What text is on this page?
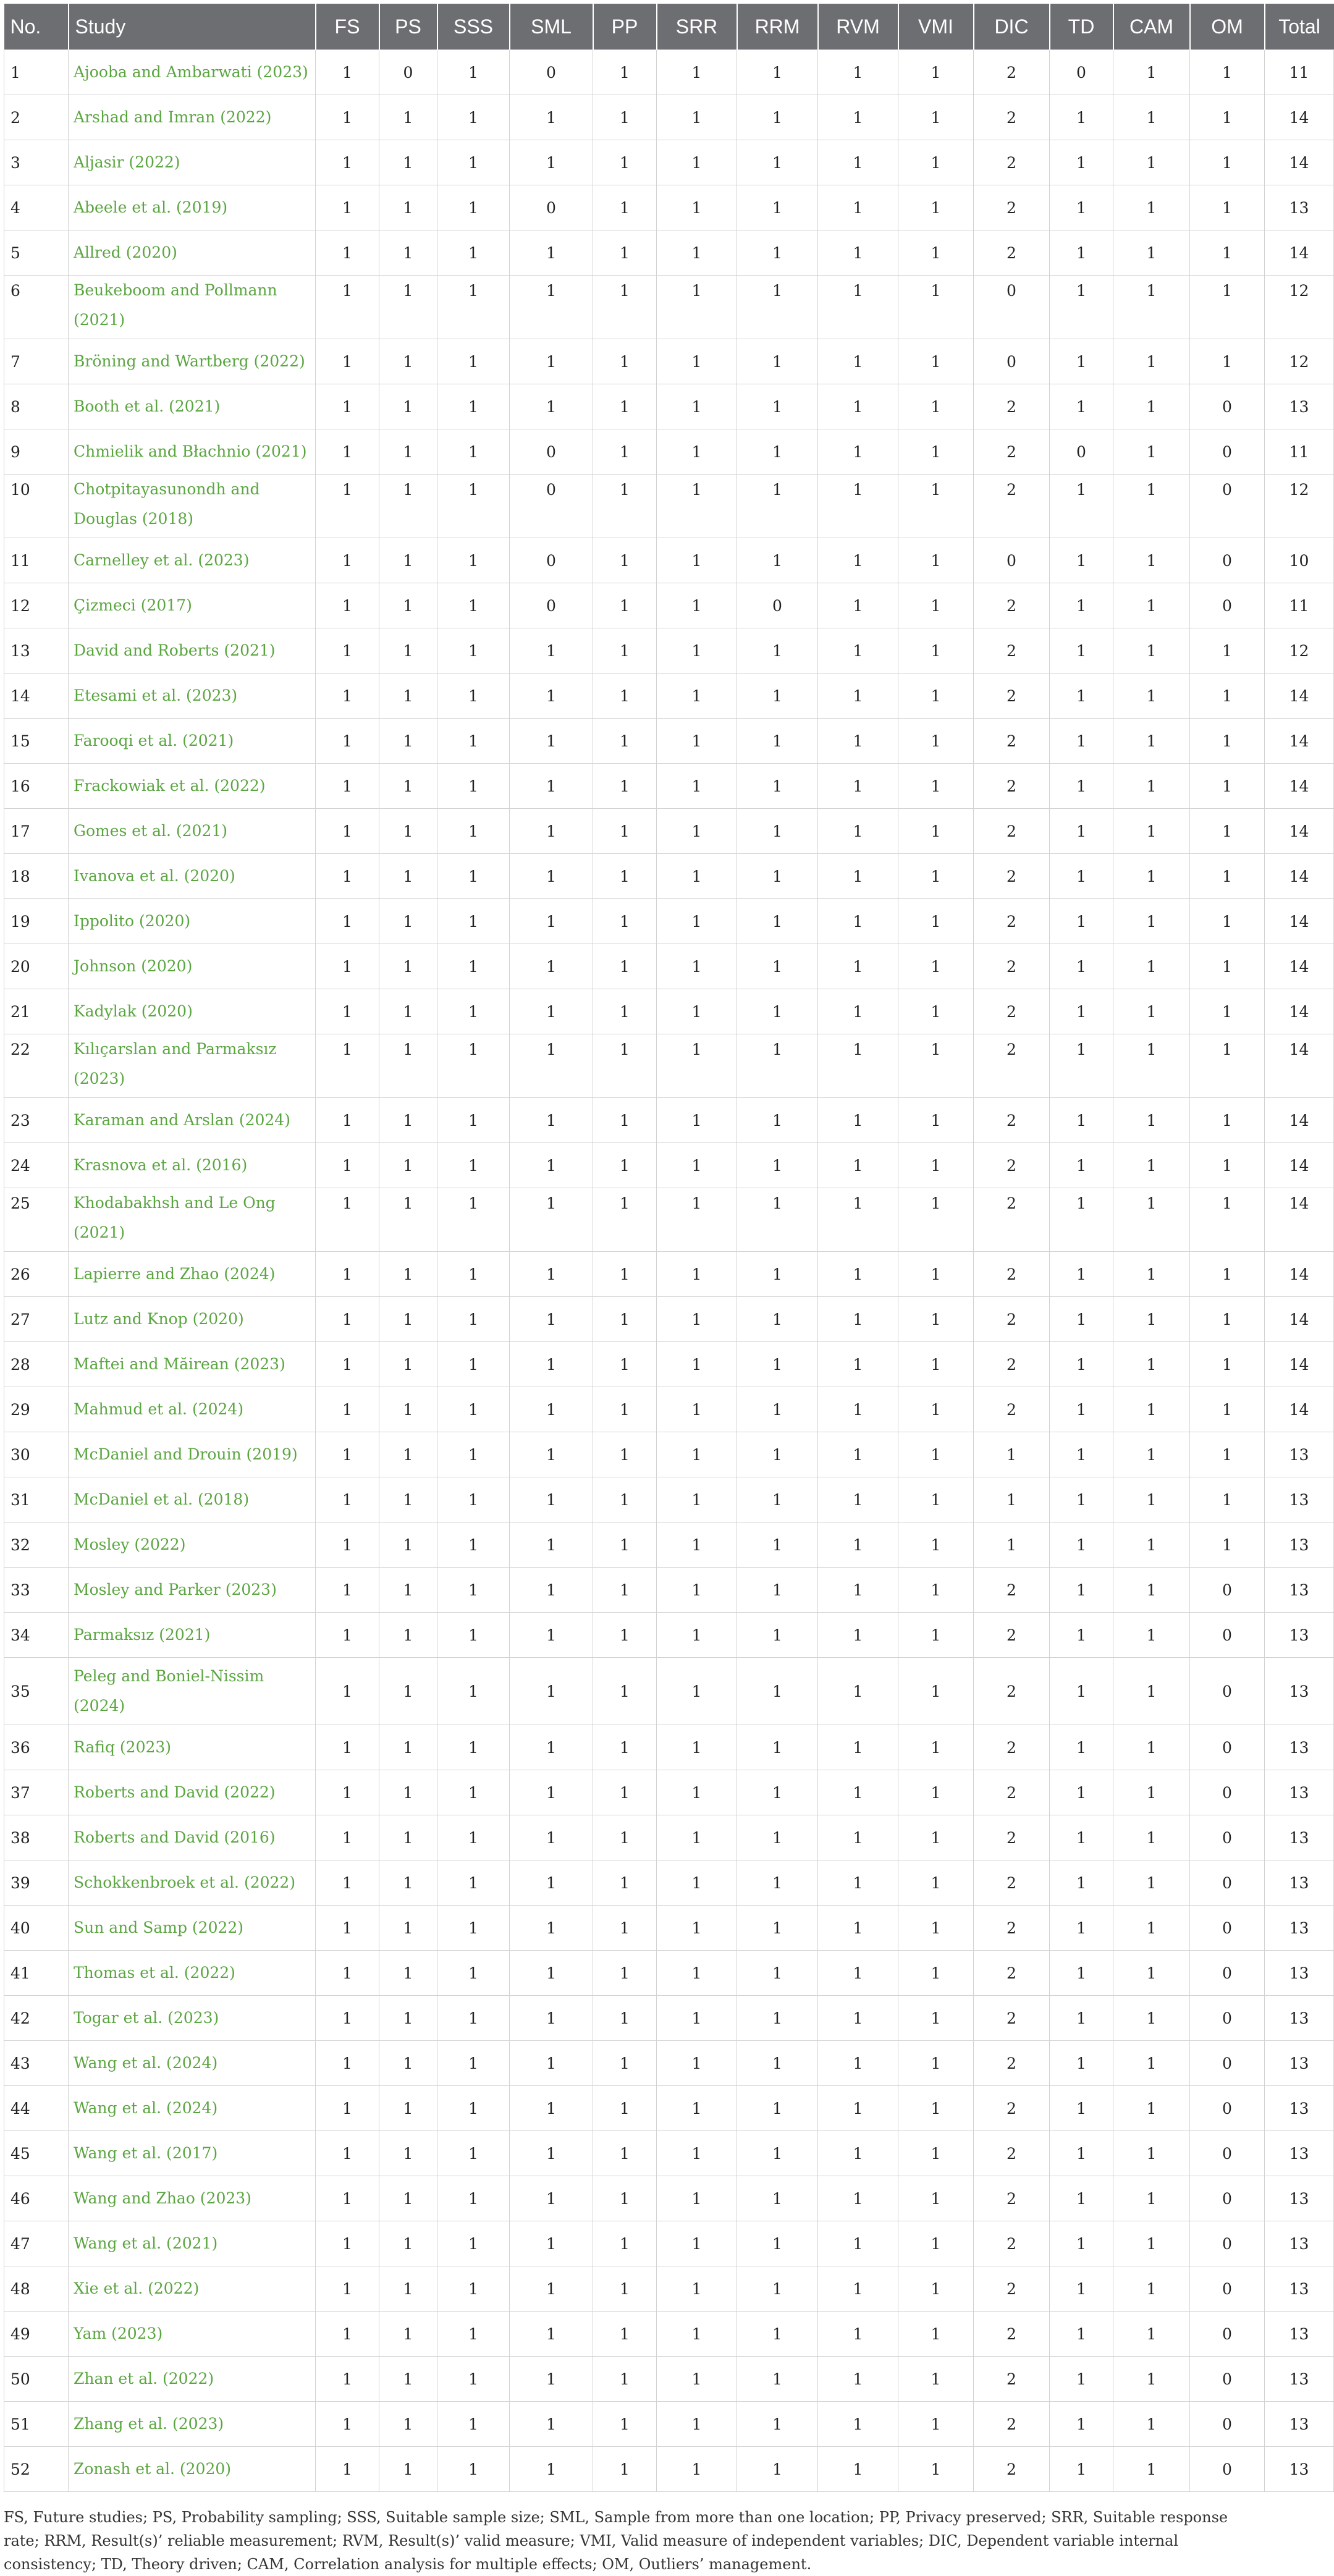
No.	Study	FS	PS	SSS	SML	PP	SRR	RRM	RVM	VMI	DIC	TD	CAM	OM	Total
1	Ajooba and Ambarwati (2023)	1	0	1	0	1	1	1	1	1	2	0	1	1	11
2	Arshad and Imran (2022)	1	1	1	1	1	1	1	1	1	2	1	1	1	14
3	Aljasir (2022)	1	1	1	1	1	1	1	1	1	2	1	1	1	14
4	Abeele et al. (2019)	1	1	1	0	1	1	1	1	1	2	1	1	1	13
5	Allred (2020)	1	1	1	1	1	1	1	1	1	2	1	1	1	14
6	Beukeboom and Pollmann (2021)	1	1	1	1	1	1	1	1	1	0	1	1	1	12
7	Bröning and Wartberg (2022)	1	1	1	1	1	1	1	1	1	0	1	1	1	12
8	Booth et al. (2021)	1	1	1	1	1	1	1	1	1	2	1	1	0	13
9	Chmielik and Błachnio (2021)	1	1	1	0	1	1	1	1	1	2	0	1	0	11
10	Chotpitayasunondh and Douglas (2018)	1	1	1	0	1	1	1	1	1	2	1	1	0	12
11	Carnelley et al. (2023)	1	1	1	0	1	1	1	1	1	0	1	1	0	10
12	Çizmeci (2017)	1	1	1	0	1	1	0	1	1	2	1	1	0	11
13	David and Roberts (2021)	1	1	1	1	1	1	1	1	1	2	1	1	1	12
14	Etesami et al. (2023)	1	1	1	1	1	1	1	1	1	2	1	1	1	14
15	Farooqi et al. (2021)	1	1	1	1	1	1	1	1	1	2	1	1	1	14
16	Frackowiak et al. (2022)	1	1	1	1	1	1	1	1	1	2	1	1	1	14
17	Gomes et al. (2021)	1	1	1	1	1	1	1	1	1	2	1	1	1	14
18	Ivanova et al. (2020)	1	1	1	1	1	1	1	1	1	2	1	1	1	14
19	Ippolito (2020)	1	1	1	1	1	1	1	1	1	2	1	1	1	14
20	Johnson (2020)	1	1	1	1	1	1	1	1	1	2	1	1	1	14
21	Kadylak (2020)	1	1	1	1	1	1	1	1	1	2	1	1	1	14
22	Kılıçarslan and Parmaksız (2023)	1	1	1	1	1	1	1	1	1	2	1	1	1	14
23	Karaman and Arslan (2024)	1	1	1	1	1	1	1	1	1	2	1	1	1	14
24	Krasnova et al. (2016)	1	1	1	1	1	1	1	1	1	2	1	1	1	14
25	Khodabakhsh and Le Ong (2021)	1	1	1	1	1	1	1	1	1	2	1	1	1	14
26	Lapierre and Zhao (2024)	1	1	1	1	1	1	1	1	1	2	1	1	1	14
27	Lutz and Knop (2020)	1	1	1	1	1	1	1	1	1	2	1	1	1	14
28	Maftei and Măirean (2023)	1	1	1	1	1	1	1	1	1	2	1	1	1	14
29	Mahmud et al. (2024)	1	1	1	1	1	1	1	1	1	2	1	1	1	14
30	McDaniel and Drouin (2019)	1	1	1	1	1	1	1	1	1	1	1	1	1	13
31	McDaniel et al. (2018)	1	1	1	1	1	1	1	1	1	1	1	1	1	13
32	Mosley (2022)	1	1	1	1	1	1	1	1	1	1	1	1	1	13
33	Mosley and Parker (2023)	1	1	1	1	1	1	1	1	1	2	1	1	0	13
34	Parmaksız (2021)	1	1	1	1	1	1	1	1	1	2	1	1	0	13
35	Peleg and Boniel-Nissim (2024)	1	1	1	1	1	1	1	1	1	2	1	1	0	13
36	Rafiq (2023)	1	1	1	1	1	1	1	1	1	2	1	1	0	13
37	Roberts and David (2022)	1	1	1	1	1	1	1	1	1	2	1	1	0	13
38	Roberts and David (2016)	1	1	1	1	1	1	1	1	1	2	1	1	0	13
39	Schokkenbroek et al. (2022)	1	1	1	1	1	1	1	1	1	2	1	1	0	13
40	Sun and Samp (2022)	1	1	1	1	1	1	1	1	1	2	1	1	0	13
41	Thomas et al. (2022)	1	1	1	1	1	1	1	1	1	2	1	1	0	13
42	Togar et al. (2023)	1	1	1	1	1	1	1	1	1	2	1	1	0	13
43	Wang et al. (2024)	1	1	1	1	1	1	1	1	1	2	1	1	0	13
44	Wang et al. (2024)	1	1	1	1	1	1	1	1	1	2	1	1	0	13
45	Wang et al. (2017)	1	1	1	1	1	1	1	1	1	2	1	1	0	13
46	Wang and Zhao (2023)	1	1	1	1	1	1	1	1	1	2	1	1	0	13
47	Wang et al. (2021)	1	1	1	1	1	1	1	1	1	2	1	1	0	13
48	Xie et al. (2022)	1	1	1	1	1	1	1	1	1	2	1	1	0	13
49	Yam (2023)	1	1	1	1	1	1	1	1	1	2	1	1	0	13
50	Zhan et al. (2022)	1	1	1	1	1	1	1	1	1	2	1	1	0	13
51	Zhang et al. (2023)	1	1	1	1	1	1	1	1	1	2	1	1	0	13
52	Zonash et al. (2020)	1	1	1	1	1	1	1	1	1	2	1	1	0	13
FS, Future studies; PS, Probability sampling; SSS, Suitable sample size; SML, Sample from more than one location; PP, Privacy preserved; SRR, Suitable response rate; RRM, Result(s)’ reliable measurement; RVM, Result(s)’ valid measure; VMI, Valid measure of independent variables; DIC, Dependent variable internal consistency; TD, Theory driven; CAM, Correlation analysis for multiple effects; OM, Outliers’ management.
